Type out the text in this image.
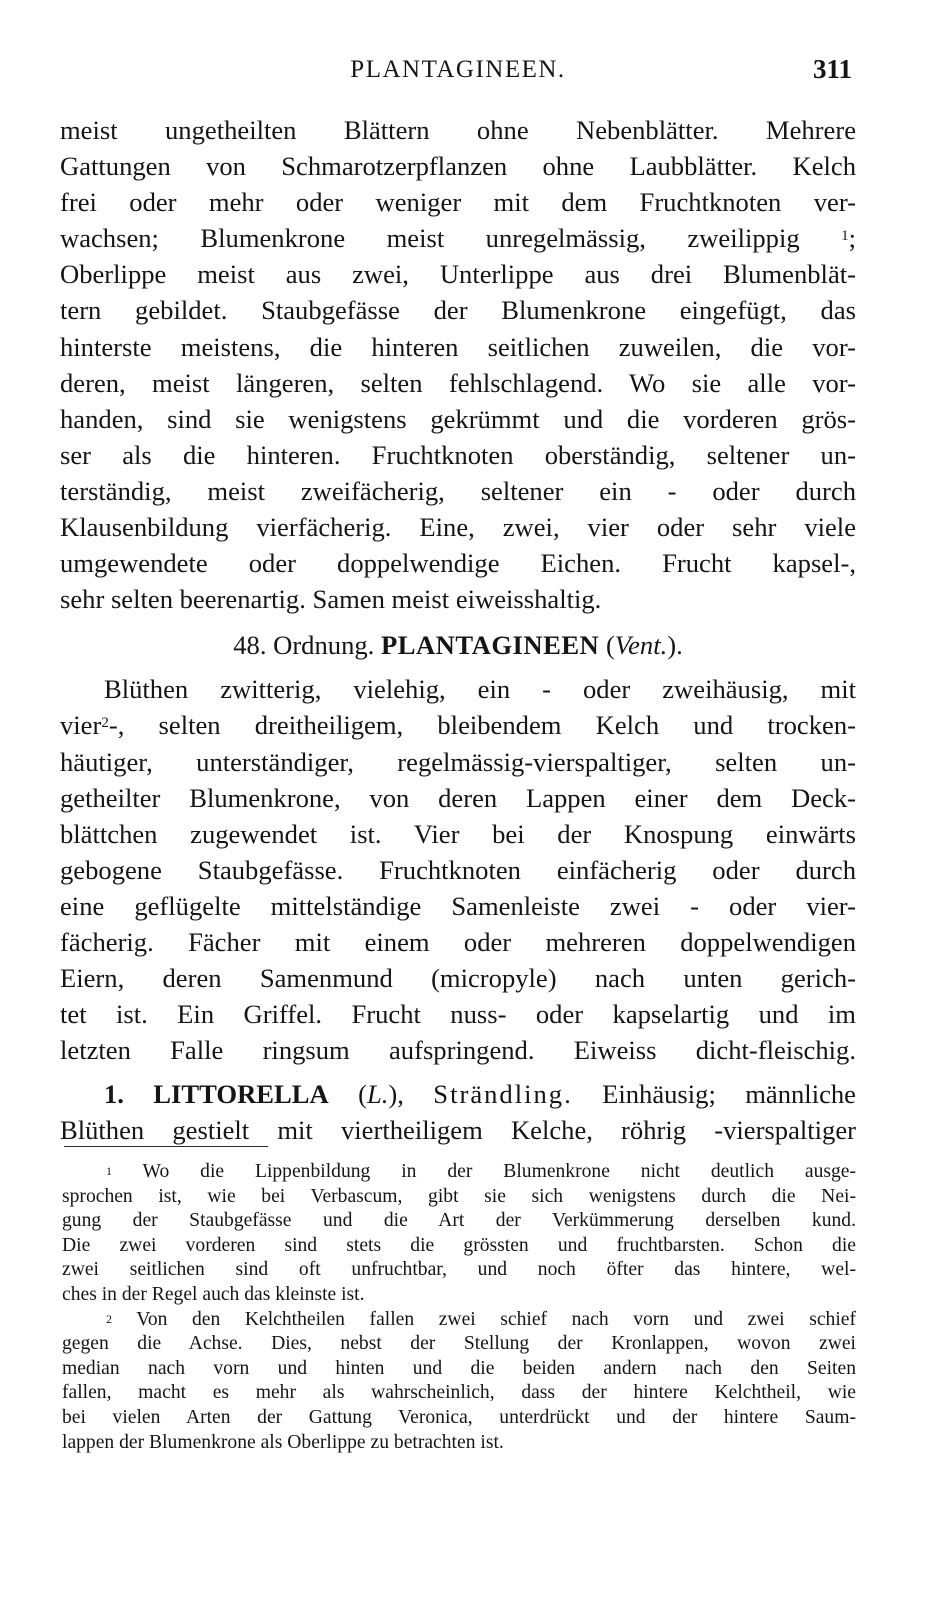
PLANTAGINEEN.	311

meist ungetheilten Blättern ohne Nebenblätter. Mehrere
Gattungen von Schmarotzerpflanzen ohne Laubblätter. Kelch
frei oder mehr oder weniger mit dem Fruchtknoten ver-
wachsen; Blumenkrone meist unregelmässig, zweilippig	$^1$;
Oberlippe meist aus zwei, Unterlippe aus drei Blumenblät-
tern gebildet. Staubgefässe der Blumenkrone eingefügt, das
hinterste meistens, die hinteren seitlichen zuweilen, die vor-
deren, meist längeren, selten fehlschlagend. Wo sie alle vor-
handen, sind sie wenigstens gekrümmt und die vorderen grös-
ser als die hinteren. Fruchtknoten oberständig, seltener un-
terständig, meist zweifächerig, seltener ein - oder durch
Klausenbildung vierfächerig. Eine, zwei, vier oder sehr viele
umgewendete oder doppelwendige Eichen. Frucht kapsel-,
sehr selten beerenartig. Samen meist eiweisshaltig.

48. Ordnung. PLANTAGINEEN (Vent.).

Blüthen zwitterig, vielehig, ein - oder zweihäusig, mit
vier$^2$-, selten dreitheiligem, bleibendem Kelch und trocken-
häutiger, unterständiger, regelmässig-vierspaltiger, selten un-
getheilter Blumenkrone, von deren Lappen einer dem Deck-
blättchen zugewendet ist. Vier bei der Knospung einwärts
gebogene Staubgefässe. Fruchtknoten einfächerig oder durch
eine geflügelte mittelständige Samenleiste zwei - oder vier-
fächerig. Fächer mit einem oder mehreren doppelwendigen
Eiern, deren Samenmund (micropyle) nach unten gerich-
tet ist. Ein Griffel. Frucht nuss- oder kapselartig und im
letzten Falle ringsum aufspringend. Eiweiss dicht-fleischig.

1. LITTORELLA (L.), Strändling. Einhäusig; männliche
Blüthen gestielt mit viertheiligem Kelche, röhrig -vierspaltiger

$^1$ Wo die Lippenbildung in der Blumenkrone nicht deutlich ausge-
sprochen ist, wie bei Verbascum, gibt sie sich wenigstens durch die Nei-
gung der Staubgefässe und die Art der Verkümmerung derselben kund.
Die zwei vorderen sind stets die grössten und fruchtbarsten. Schon die
zwei seitlichen sind oft unfruchtbar, und noch öfter das hintere, wel-
ches in der Regel auch das kleinste ist.

$^2$ Von den Kelchtheilen fallen zwei schief nach vorn und zwei schief
gegen die Achse. Dies, nebst der Stellung der Kronlappen, wovon zwei
median nach vorn und hinten und die beiden andern nach den Seiten
fallen, macht es mehr als wahrscheinlich, dass der hintere Kelchtheil, wie
bei vielen Arten der Gattung Veronica, unterdrückt und der hintere Saum-
lappen der Blumenkrone als Oberlippe zu betrachten ist.
